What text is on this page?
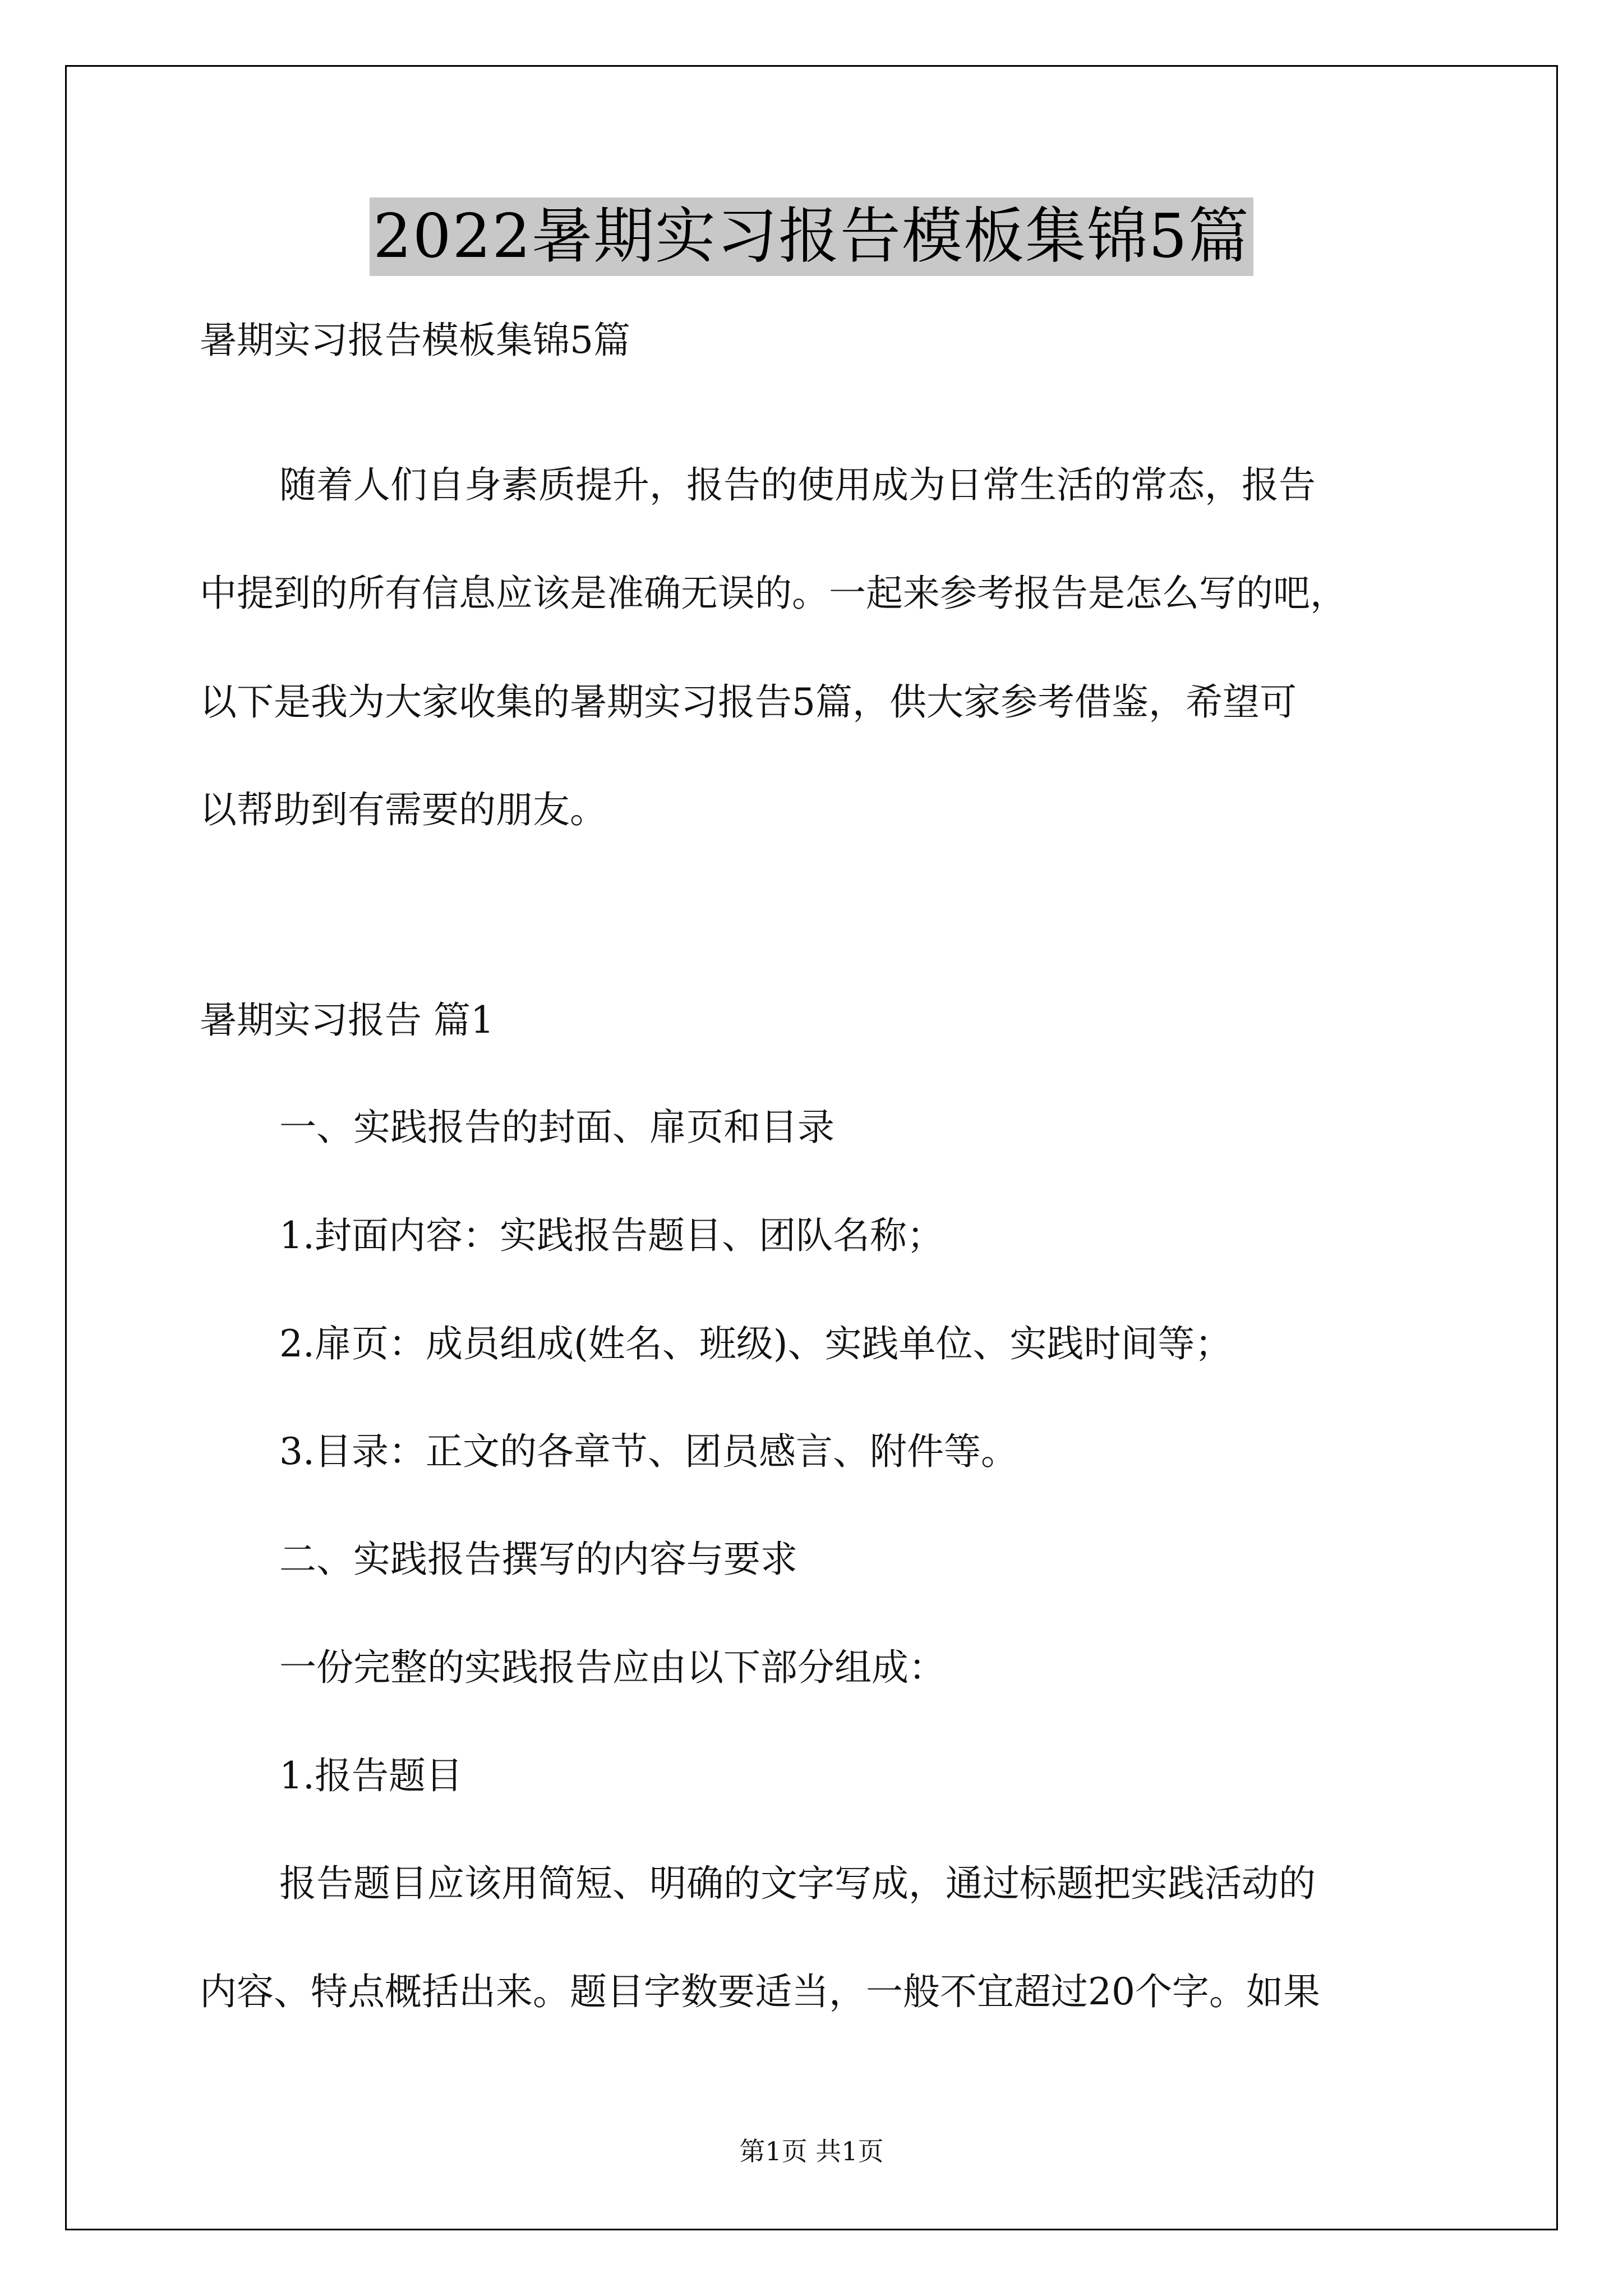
2022暑期实习报告模板集锦5篇
暑期实习报告模板集锦5篇
随着人们自身素质提升，报告的使用成为日常生活的常态，报告
中提到的所有信息应该是准确无误的。一起来参考报告是怎么写的吧，
以下是我为大家收集的暑期实习报告5篇，供大家参考借鉴，希望可
以帮助到有需要的朋友。
暑期实习报告 篇1
一、实践报告的封面、扉页和目录
1.封面内容：实践报告题目、团队名称；
2.扉页：成员组成(姓名、班级)、实践单位、实践时间等；
3.目录：正文的各章节、团员感言、附件等。
二、实践报告撰写的内容与要求
一份完整的实践报告应由以下部分组成：
1.报告题目
报告题目应该用简短、明确的文字写成，通过标题把实践活动的
内容、特点概括出来。题目字数要适当，一般不宜超过20个字。如果
第1页 共1页
